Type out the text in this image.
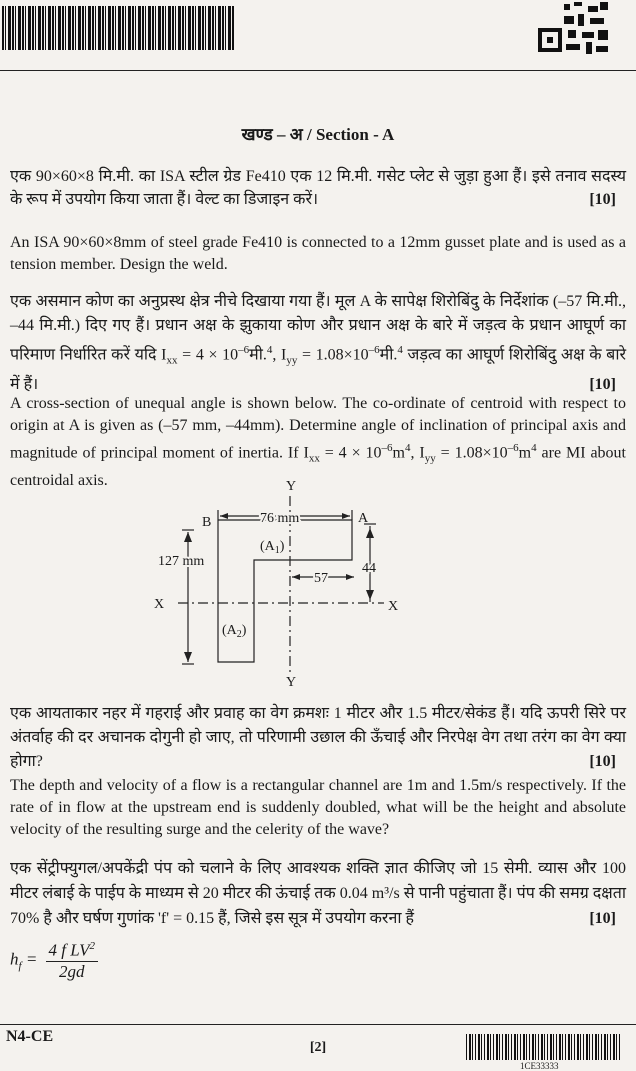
खण्ड – अ / Section - A
एक 90×60×8 मि.मी. का ISA स्टील ग्रेड Fe410 एक 12 मि.मी. गसेट प्लेट से जुड़ा हुआ हैं। इसे तनाव सदस्य के रूप में उपयोग किया जाता हैं। वेल्ट का डिजाइन करें।	[10]
An ISA 90×60×8mm of steel grade Fe410 is connected to a 12mm gusset plate and is used as a tension member. Design the weld.
एक असमान कोण का अनुप्रस्थ क्षेत्र नीचे दिखाया गया हैं। मूल A के सापेक्ष शिरोबिंदु के निर्देशांक (–57 मि.मी., –44 मि.मी.) दिए गए हैं। प्रधान अक्ष के झुकाया कोण और प्रधान अक्ष के बारे में जड़त्व के प्रधान आघूर्ण का परिमाण निर्धारित करें यदि $I_{xx} = 4$ × $10^{-6}मी.^4$, $I_{yy}$ = $1.08\times 10^{-6}मी.^4$ जड़त्व का आघूर्ण शिरोबिंदु अक्ष के बारे में हैं।	[10]
A cross-section of unequal angle is shown below. The co-ordinate of centroid with respect to origin at A is given as (–57 mm, –44mm). Determine angle of inclination of principal axis and magnitude of principal moment of inertia. If $I_{xx} = 4 \times 10^{-6}m^4$, $I_{yy} = 1.08\times 10^{-6}m^4$ are MI about centroidal axis.	Y
Y
B	A
76 mm
127 mm
57
44
X	X
$(A_1)$
$(A_2)$
एक आयताकार नहर में गहराई और प्रवाह का वेग क्रमशः 1 मीटर और 1.5 मीटर/सेकंड हैं। यदि ऊपरी सिरे पर अंतर्वाह की दर अचानक दोगुनी हो जाए, तो परिणामी उछाल की ऊँचाई और निरपेक्ष वेग तथा तरंग का वेग क्या होगा?	[10]
The depth and velocity of a flow is a rectangular channel are 1m and 1.5m/s respectively. If the rate of in flow at the upstream end is suddenly doubled, what will be the height and absolute velocity of the resulting surge and the celerity of the wave?
एक सेंट्रीफ्युगल/अपकेंद्री पंप को चलाने के लिए आवश्यक शक्ति ज्ञात कीजिए जो 15 सेमी. व्यास और 100 मीटर लंबाई के पाईप के माध्यम से 20 मीटर की ऊंचाई तक 0.04 m³/s से पानी पहुंचाता हैं। पंप की समग्र दक्षता 70% है और घर्षण गुणांक 'f' = 0.15 हैं, जिसे इस सूत्र में उपयोग करना हैं	[10]
$h_f = \frac{4 f LV^2}{2gd}$
N4-CE
[2]
1CE33333
